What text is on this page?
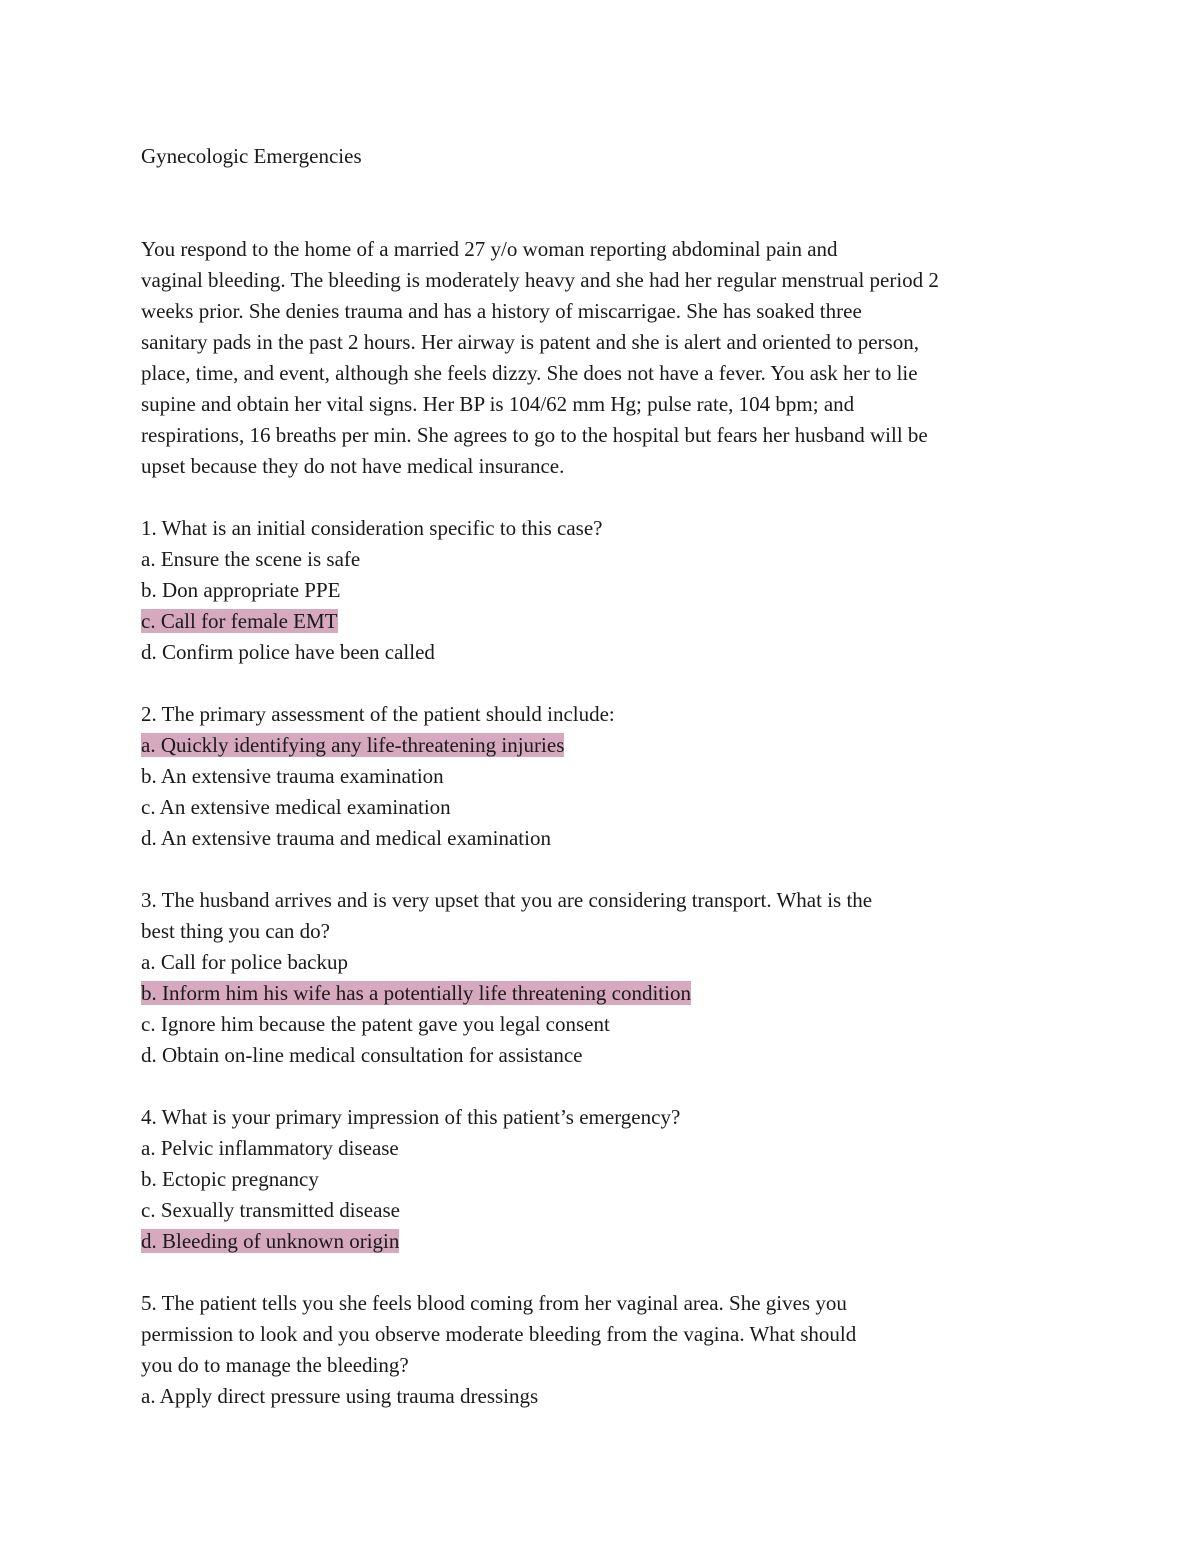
Gynecologic Emergencies
You respond to the home of a married 27 y/o woman reporting abdominal pain and
vaginal bleeding. The bleeding is moderately heavy and she had her regular menstrual period 2
weeks prior. She denies trauma and has a history of miscarrigae. She has soaked three
sanitary pads in the past 2 hours. Her airway is patent and she is alert and oriented to person,
place, time, and event, although she feels dizzy. She does not have a fever. You ask her to lie
supine and obtain her vital signs. Her BP is 104/62 mm Hg; pulse rate, 104 bpm; and
respirations, 16 breaths per min. She agrees to go to the hospital but fears her husband will be
upset because they do not have medical insurance.
1. What is an initial consideration specific to this case?
a. Ensure the scene is safe
b. Don appropriate PPE
c. Call for female EMT
d. Confirm police have been called
2. The primary assessment of the patient should include:
a. Quickly identifying any life-threatening injuries
b. An extensive trauma examination
c. An extensive medical examination
d. An extensive trauma and medical examination
3. The husband arrives and is very upset that you are considering transport. What is the
best thing you can do?
a. Call for police backup
b. Inform him his wife has a potentially life threatening condition
c. Ignore him because the patent gave you legal consent
d. Obtain on-line medical consultation for assistance
4. What is your primary impression of this patient’s emergency?
a. Pelvic inflammatory disease
b. Ectopic pregnancy
c. Sexually transmitted disease
d. Bleeding of unknown origin
5. The patient tells you she feels blood coming from her vaginal area. She gives you
permission to look and you observe moderate bleeding from the vagina. What should
you do to manage the bleeding?
a. Apply direct pressure using trauma dressings
